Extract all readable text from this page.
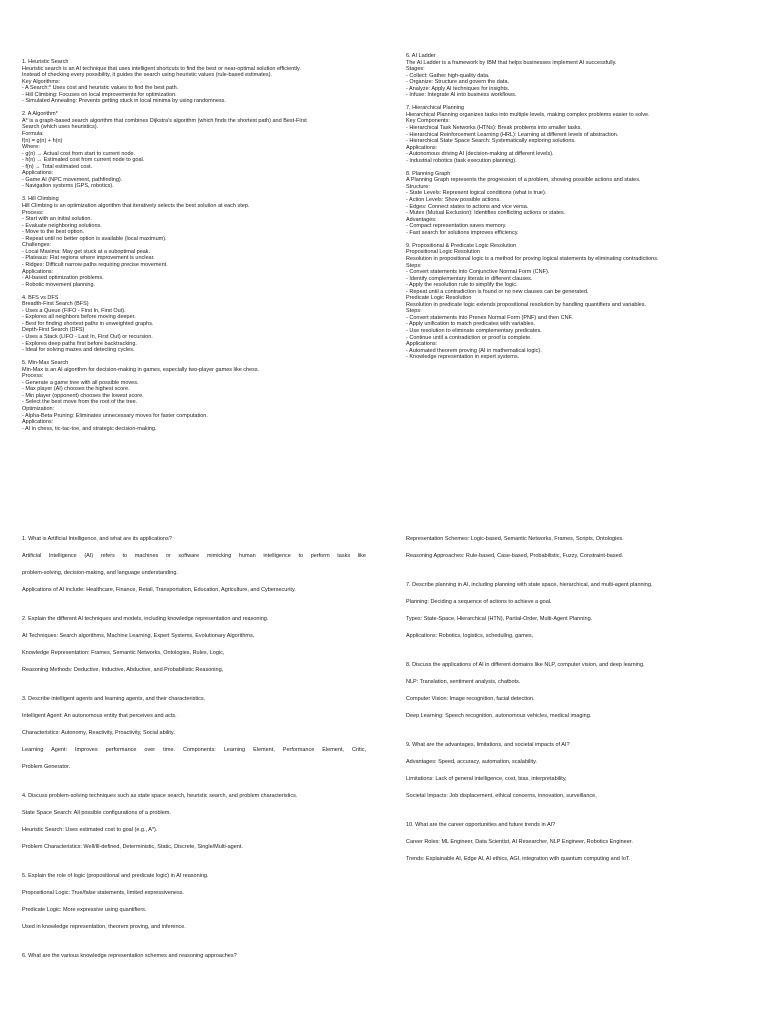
1. Heuristic Search
Heuristic search is an AI technique that uses intelligent shortcuts to find the best or near-optimal solution efficiently.
Instead of checking every possibility, it guides the search using heuristic values (rule-based estimates).
Key Algorithms:
- A Search:* Uses cost and heuristic values to find the best path.
- Hill Climbing: Focuses on local improvements for optimization.
- Simulated Annealing: Prevents getting stuck in local minima by using randomness.
2. A Algorithm*
A* is a graph-based search algorithm that combines Dijkstra's algorithm (which finds the shortest path) and Best-First
Search (which uses heuristics).
Formula:
f(n) = g(n) + h(n)
Where:
- g(n) → Actual cost from start to current node.
- h(n) → Estimated cost from current node to goal.
- f(n) → Total estimated cost.
Applications:
- Game AI (NPC movement, pathfinding).
- Navigation systems (GPS, robotics).
3. Hill Climbing
Hill Climbing is an optimization algorithm that iteratively selects the best solution at each step.
Process:
- Start with an initial solution.
- Evaluate neighboring solutions.
- Move to the best option.
- Repeat until no better option is available (local maximum).
Challenges:
- Local Maxima: May get stuck at a suboptimal peak.
- Plateaus: Flat regions where improvement is unclear.
- Ridges: Difficult narrow paths requiring precise movement.
Applications:
- AI-based optimization problems.
- Robotic movement planning.
4. BFS vs DFS
Breadth-First Search (BFS)
- Uses a Queue (FIFO - First In, First Out).
- Explores all neighbors before moving deeper.
- Best for finding shortest paths in unweighted graphs.
Depth-First Search (DFS)
- Uses a Stack (LIFO - Last In, First Out) or recursion.
- Explores deep paths first before backtracking.
- Ideal for solving mazes and detecting cycles.
5. Min-Max Search
Min-Max is an AI algorithm for decision-making in games, especially two-player games like chess.
Process:
- Generate a game tree with all possible moves.
- Max player (AI) chooses the highest score.
- Min player (opponent) chooses the lowest score.
- Select the best move from the root of the tree.
Optimization:
- Alpha-Beta Pruning: Eliminates unnecessary moves for faster computation.
Applications:
- AI in chess, tic-tac-toe, and strategic decision-making.
6. AI Ladder
The AI Ladder is a framework by IBM that helps businesses implement AI successfully.
Stages:
- Collect: Gather high-quality data.
- Organize: Structure and govern the data.
- Analyze: Apply AI techniques for insights.
- Infuse: Integrate AI into business workflows.
7. Hierarchical Planning
Hierarchical Planning organizes tasks into multiple levels, making complex problems easier to solve.
Key Components:
- Hierarchical Task Networks (HTNs): Break problems into smaller tasks.
- Hierarchical Reinforcement Learning (HRL): Learning at different levels of abstraction.
- Hierarchical State Space Search: Systematically exploring solutions.
Applications:
- Autonomous driving AI (decision-making at different levels).
- Industrial robotics (task execution planning).
8. Planning Graph
A Planning Graph represents the progression of a problem, showing possible actions and states.
Structure:
- State Levels: Represent logical conditions (what is true).
- Action Levels: Show possible actions.
- Edges: Connect states to actions and vice versa.
- Mutex (Mutual Exclusion): Identifies conflicting actions or states.
Advantages:
- Compact representation saves memory.
- Fast search for solutions improves efficiency.
9. Propositional & Predicate Logic Resolution
Propositional Logic Resolution
Resolution in propositional logic is a method for proving logical statements by eliminating contradictions.
Steps:
- Convert statements into Conjunctive Normal Form (CNF).
- Identify complementary literals in different clauses.
- Apply the resolution rule to simplify the logic.
- Repeat until a contradiction is found or no new clauses can be generated.
Predicate Logic Resolution
Resolution in predicate logic extends propositional resolution by handling quantifiers and variables.
Steps:
- Convert statements into Prenex Normal Form (PNF) and then CNF.
- Apply unification to match predicates with variables.
- Use resolution to eliminate complementary predicates.
- Continue until a contradiction or proof is complete.
Applications:
- Automated theorem proving (AI in mathematical logic).
- Knowledge representation in expert systems.
1. What is Artificial Intelligence, and what are its applications?
Artificial Intelligence (AI) refers to machines or software mimicking human intelligence to perform tasks like
problem-solving, decision-making, and language understanding.
Applications of AI include: Healthcare, Finance, Retail, Transportation, Education, Agriculture, and Cybersecurity.
2. Explain the different AI techniques and models, including knowledge representation and reasoning.
AI Techniques: Search algorithms, Machine Learning, Expert Systems, Evolutionary Algorithms,
Knowledge Representation: Frames, Semantic Networks, Ontologies, Rules, Logic,
Reasoning Methods: Deductive, Inductive, Abductive, and Probabilistic Reasoning,
3. Describe intelligent agents and learning agents, and their characteristics.
Intelligent Agent: An autonomous entity that perceives and acts.
Characteristics: Autonomy, Reactivity, Proactivity, Social ability.
Learning Agent: Improves performance over time. Components: Learning Element, Performance Element, Critic,
Problem Generator.
4. Discuss problem-solving techniques such as state space search, heuristic search, and problem characteristics.
State Space Search: All possible configurations of a problem.
Heuristic Search: Uses estimated cost to goal (e.g., A*).
Problem Characteristics: Well/Ill-defined, Deterministic, Static, Discrete, Single/Multi-agent.
5. Explain the role of logic (propositional and predicate logic) in AI reasoning.
Propositional Logic: True/false statements, limited expressiveness.
Predicate Logic: More expressive using quantifiers.
Used in knowledge representation, theorem proving, and inference.
6. What are the various knowledge representation schemes and reasoning approaches?
Representation Schemes: Logic-based, Semantic Networks, Frames, Scripts, Ontologies.
Reasoning Approaches: Rule-based, Case-based, Probabilistic, Fuzzy, Constraint-based.
7. Describe planning in AI, including planning with state space, hierarchical, and multi-agent planning.
Planning: Deciding a sequence of actions to achieve a goal.
Types: State-Space, Hierarchical (HTN), Partial-Order, Multi-Agent Planning.
Applications: Robotics, logistics, scheduling, games,
8. Discuss the applications of AI in different domains like NLP, computer vision, and deep learning.
NLP: Translation, sentiment analysis, chatbots.
Computer Vision: Image recognition, facial detection.
Deep Learning: Speech recognition, autonomous vehicles, medical imaging.
9. What are the advantages, limitations, and societal impacts of AI?
Advantages: Speed, accuracy, automation, scalability.
Limitations: Lack of general intelligence, cost, bias, interpretability,
Societal Impacts: Job displacement, ethical concerns, innovation, surveillance,
10. What are the career opportunities and future trends in AI?
Career Roles: ML Engineer, Data Scientist, AI Researcher, NLP Engineer, Robotics Engineer.
Trends: Explainable AI, Edge AI, AI ethics, AGI, integration with quantum computing and IoT.
